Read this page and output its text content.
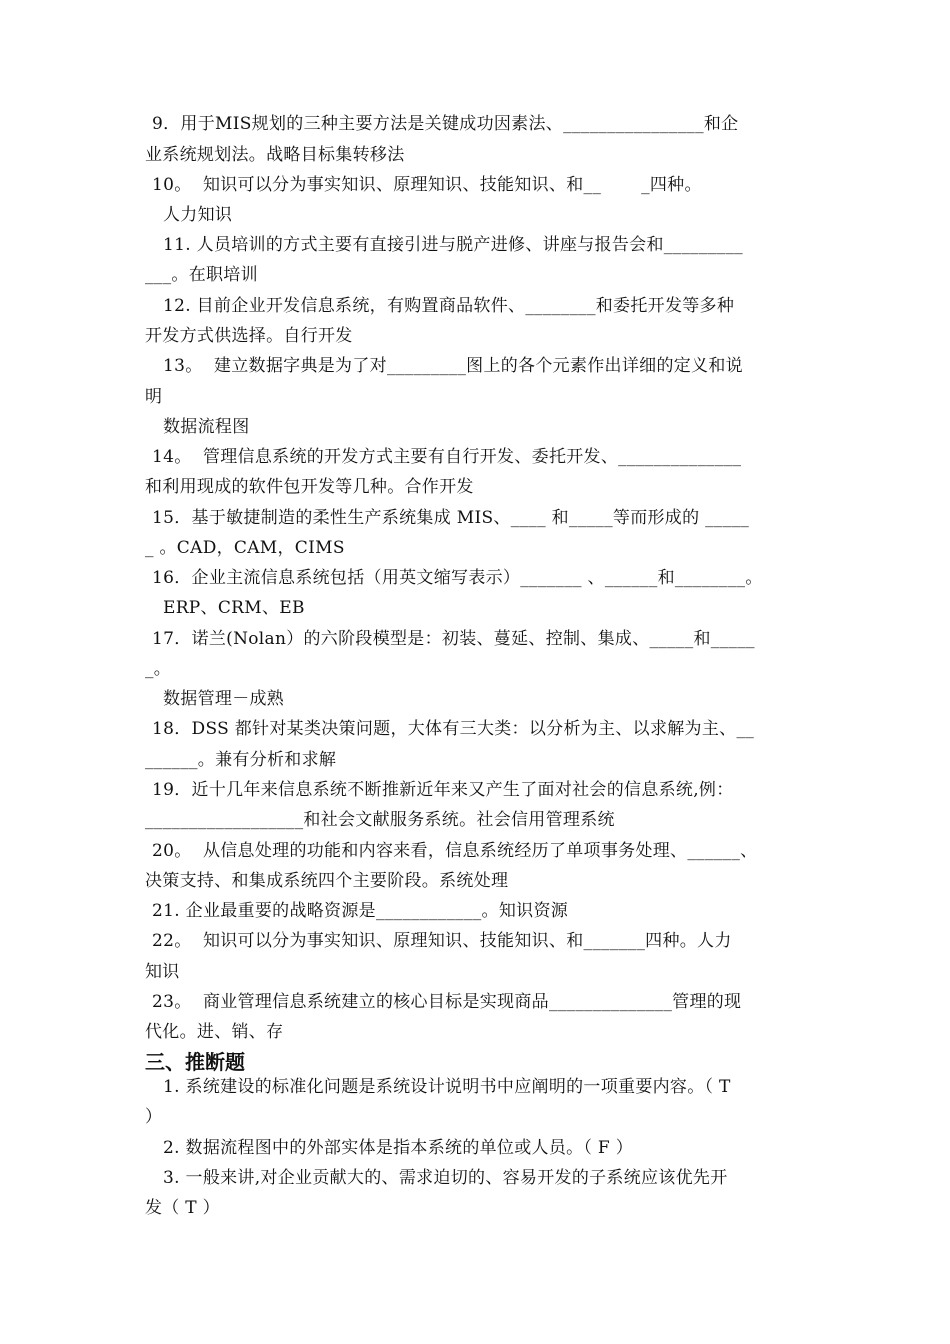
9．用于MIS规划的三种主要方法是关键成功因素法、________________和企
业系统规划法。战略目标集转移法
10。  知识可以分为事实知识、原理知识、技能知识、和__       _四种。
人力知识
11. 人员培训的方式主要有直接引进与脱产进修、讲座与报告会和_________
___。在职培训
12. 目前企业开发信息系统，有购置商品软件、________和委托开发等多种
开发方式供选择。自行开发
13。  建立数据字典是为了对_________图上的各个元素作出详细的定义和说
明
数据流程图
14。  管理信息系统的开发方式主要有自行开发、委托开发、______________
和利用现成的软件包开发等几种。合作开发
15．基于敏捷制造的柔性生产系统集成 MIS、____ 和_____等而形成的 _____
_ 。CAD，CAM，CIMS
16．企业主流信息系统包括（用英文缩写表示）_______ 、______和________。
ERP、CRM、EB
17．诺兰(Nolan）的六阶段模型是：初装、蔓延、控制、集成、_____和_____
_。
数据管理－成熟
18．DSS 都针对某类决策问题，大体有三大类：以分析为主、以求解为主、__
______。兼有分析和求解
19．近十几年来信息系统不断推新近年来又产生了面对社会的信息系统,例：
__________________和社会文献服务系统。社会信用管理系统
20。  从信息处理的功能和内容来看，信息系统经历了单项事务处理、______、
决策支持、和集成系统四个主要阶段。系统处理
21. 企业最重要的战略资源是____________。知识资源
22。  知识可以分为事实知识、原理知识、技能知识、和_______四种。人力
知识
23。  商业管理信息系统建立的核心目标是实现商品______________管理的现
代化。进、销、存
三、推断题
1. 系统建设的标准化问题是系统设计说明书中应阐明的一项重要内容。（ T
）
2. 数据流程图中的外部实体是指本系统的单位或人员。（ F ）
3. 一般来讲,对企业贡献大的、需求迫切的、容易开发的子系统应该优先开
发（ T ）
